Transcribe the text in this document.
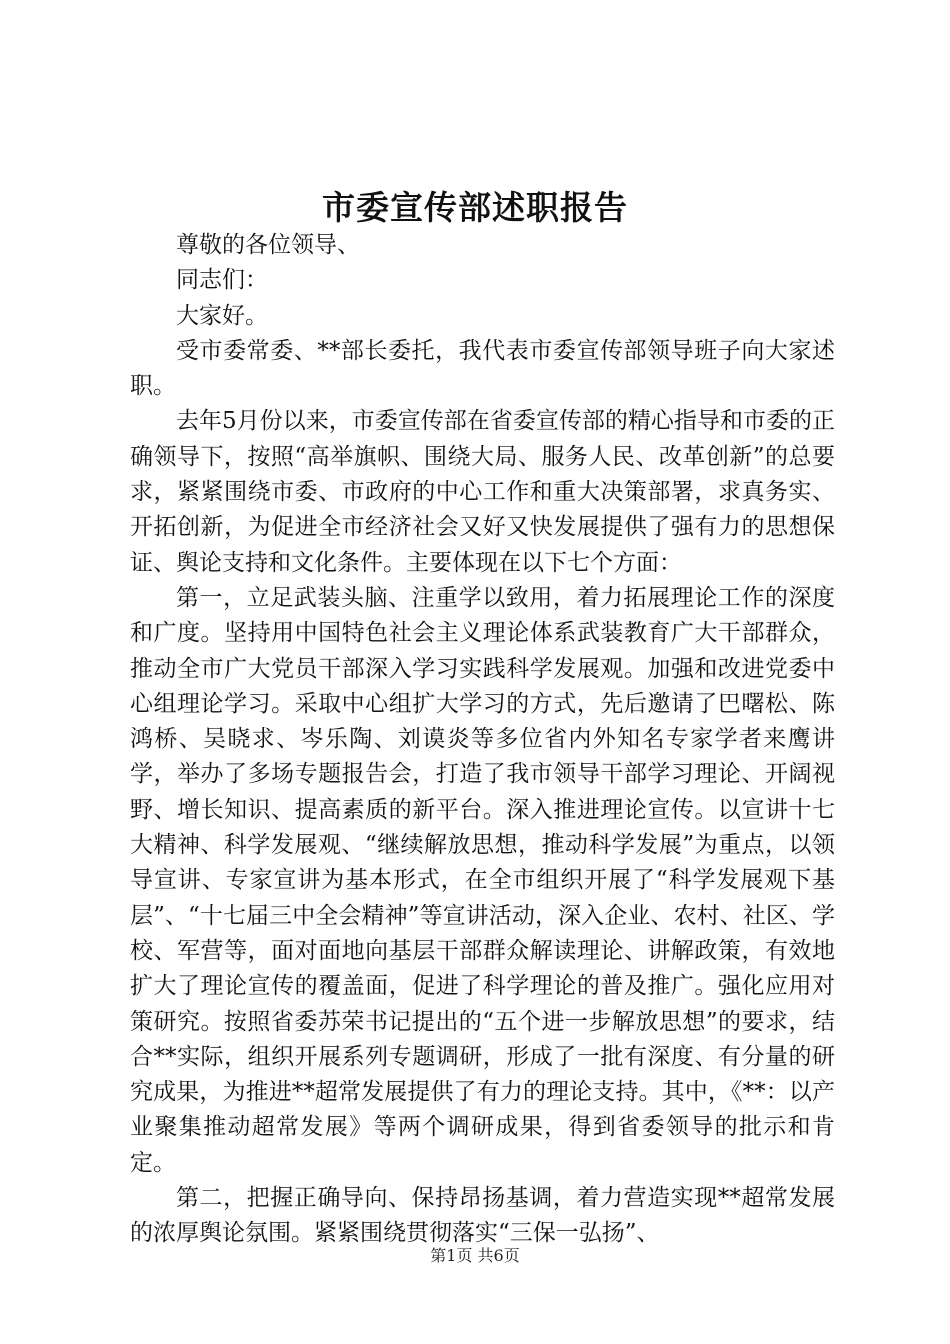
市委宣传部述职报告

尊敬的各位领导、

同志们：

大家好。

受市委常委、**部长委托，我代表市委宣传部领导班子向大家述职。

去年5月份以来，市委宣传部在省委宣传部的精心指导和市委的正确领导下，按照“高举旗帜、围绕大局、服务人民、改革创新”的总要求，紧紧围绕市委、市政府的中心工作和重大决策部署，求真务实、开拓创新，为促进全市经济社会又好又快发展提供了强有力的思想保证、舆论支持和文化条件。主要体现在以下七个方面：

第一，立足武装头脑、注重学以致用，着力拓展理论工作的深度和广度。坚持用中国特色社会主义理论体系武装教育广大干部群众，推动全市广大党员干部深入学习实践科学发展观。加强和改进党委中心组理论学习。采取中心组扩大学习的方式，先后邀请了巴曙松、陈鸿桥、吴晓求、岑乐陶、刘谟炎等多位省内外知名专家学者来鹰讲学，举办了多场专题报告会，打造了我市领导干部学习理论、开阔视野、增长知识、提高素质的新平台。深入推进理论宣传。以宣讲十七大精神、科学发展观、“继续解放思想，推动科学发展”为重点，以领导宣讲、专家宣讲为基本形式，在全市组织开展了“科学发展观下基层”、“十七届三中全会精神”等宣讲活动，深入企业、农村、社区、学校、军营等，面对面地向基层干部群众解读理论、讲解政策，有效地扩大了理论宣传的覆盖面，促进了科学理论的普及推广。强化应用对策研究。按照省委苏荣书记提出的“五个进一步解放思想”的要求，结合**实际，组织开展系列专题调研，形成了一批有深度、有分量的研究成果，为推进**超常发展提供了有力的理论支持。其中，《**：以产业聚集推动超常发展》等两个调研成果，得到省委领导的批示和肯定。

第二，把握正确导向、保持昂扬基调，着力营造实现**超常发展的浓厚舆论氛围。紧紧围绕贯彻落实“三保一弘扬”、

第1页 共6页
